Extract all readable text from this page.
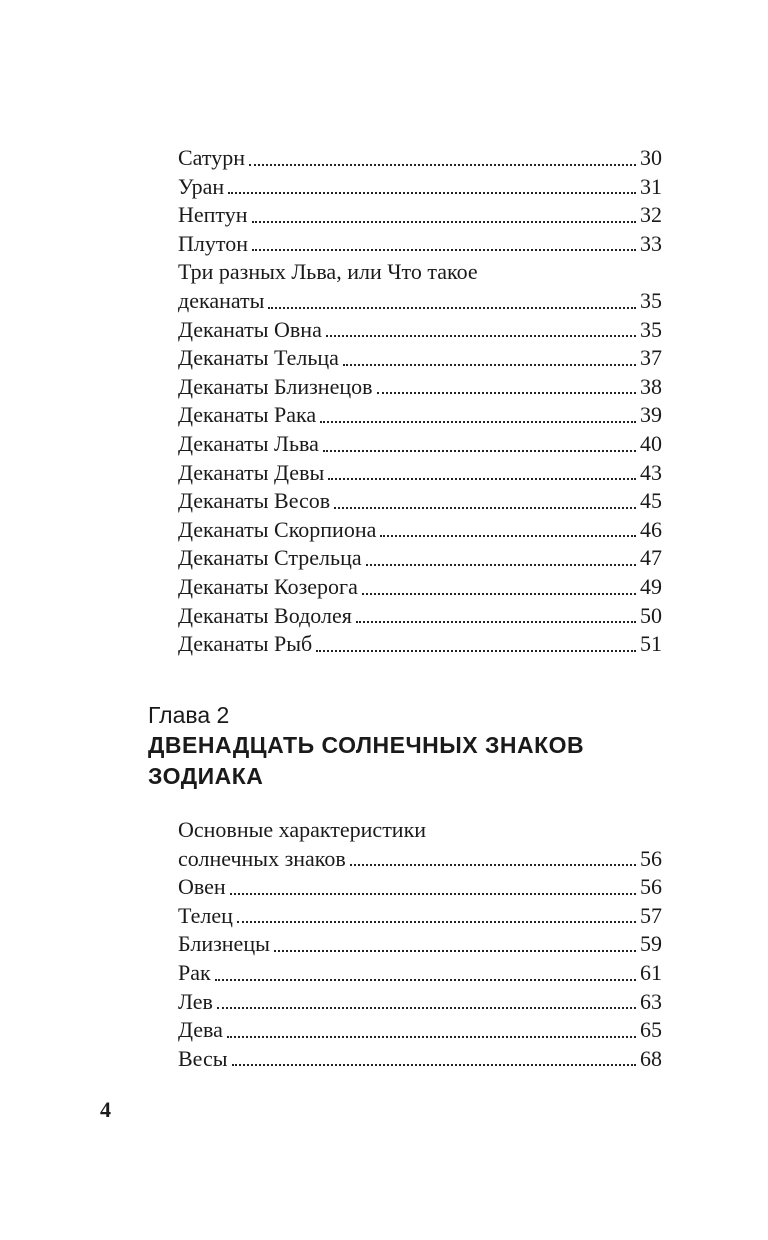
Сатурн	30
Уран	31
Нептун	32
Плутон	33
Три разных Льва, или Что такое
деканаты	35
Деканаты Овна	35
Деканаты Тельца	37
Деканаты Близнецов	38
Деканаты Рака	39
Деканаты Льва	40
Деканаты Девы	43
Деканаты Весов	45
Деканаты Скорпиона	46
Деканаты Стрельца	47
Деканаты Козерога	49
Деканаты Водолея	50
Деканаты Рыб	51

Глава 2

ДВЕНАДЦАТЬ СОЛНЕЧНЫХ ЗНАКОВ

ЗОДИАКА

Основные характеристики
солнечных знаков	56
Овен	56
Телец	57
Близнецы	59
Рак	61
Лев	63
Дева	65
Весы	68
4
